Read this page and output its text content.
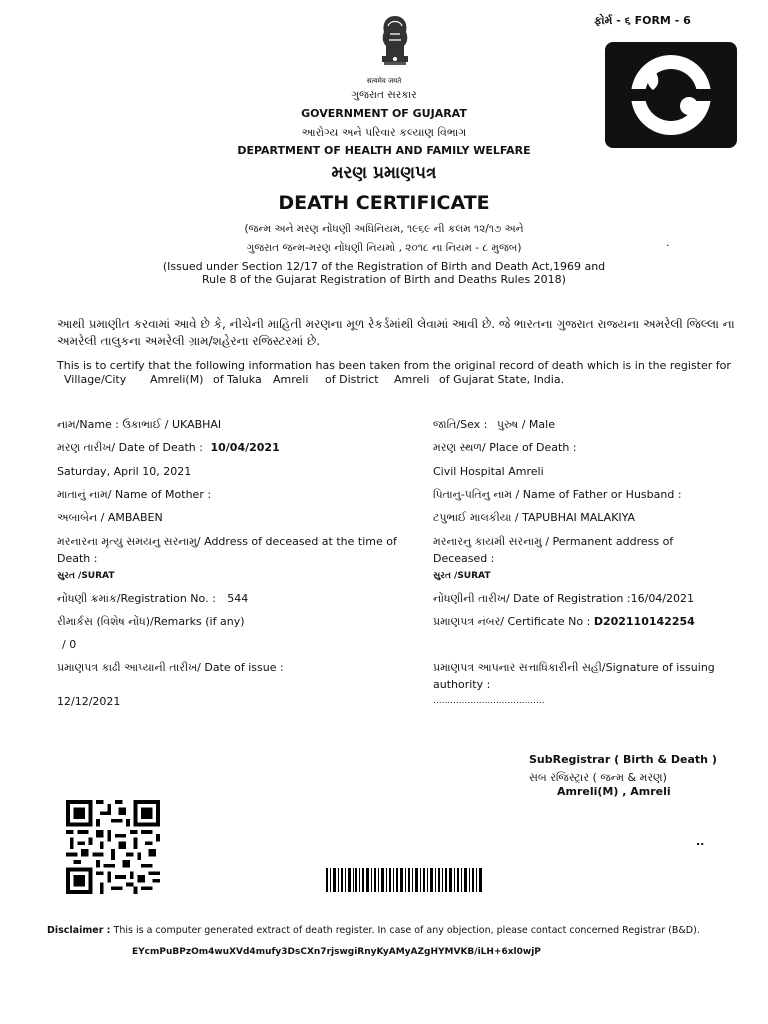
ફોર્મ - ૬ FORM - 6
सत्यमेव जयते
ગુજરાત સરકાર
GOVERNMENT OF GUJARAT
આરોગ્ય અને પરિવાર કલ્યાણ વિભાગ
DEPARTMENT OF HEALTH AND FAMILY WELFARE
મરણ પ્રમાણપત્ર
DEATH CERTIFICATE
(જન્મ અને મરણ નોંધણી અધિનિયમ, ૧૯૬૯ ની કલમ ૧૨/૧૭ અને
ગુજરાત જન્મ-મરણ નોંધણી નિયમો , ૨૦૧૮ ના નિયમ - ૮ મુજબ)	.
(Issued under Section 12/17 of the Registration of Birth and Death Act,1969 and
Rule 8 of the Gujarat Registration of Birth and Deaths Rules 2018)
આથી પ્રમાણીત કરવામાં આવે છે કે, નીચેની માહિતી મરણના મૂળ રેકર્ડમાંથી લેવામાં આવી છે. જે ભારતના ગુજરાત રાજ્યના અમરેલી જિલ્લા ના
અમરેલી તાલુકના અમરેલી ગ્રામ/શહેરના રજિસ્ટરમાં છે.
This is to certify that the following information has been taken from the original record of death which is in the register for
Village/City Amreli(M) of Taluka Amreli of District Amreli of Gujarat State, India.
નામ/Name : ઉકાભાઈ / UKABHAI
મરણ તારીખ/ Date of Death : 10/04/2021
Saturday, April 10, 2021
માતાનું નામ/ Name of Mother :
અબાબેન / AMBABEN
મરનારના મૃત્યુ સમયનુ સરનામુ/ Address of deceased at the time of
Death :
સુરત /SURAT
નોંધણી ક્રમાંક/Registration No. : 544
રીમાર્કસ (વિશેષ નોંધ)/Remarks (if any)
/ 0
પ્રમાણપત્ર કાઢી આપ્યાની તારીખ/ Date of issue :
12/12/2021
જાતિ/Sex : પુરુષ / Male
મરણ સ્થળ/ Place of Death :
Civil Hospital Amreli
પિતાનુ-પતિનુ નામ / Name of Father or Husband :
ટપુભાઈ માલકીયા / TAPUBHAI MALAKIYA
મરનારનુ કાયમી સરનામુ / Permanent address of
Deceased :
સુરત /SURAT
નોંધણીની તારીખ/ Date of Registration :16/04/2021
પ્રમાણપત્ર નંબર/ Certificate No : D202110142254
પ્રમાણપત્ર આપનાર સત્તાધિકારીની સહી/Signature of issuing
authority :
.......................................
SubRegistrar ( Birth & Death )
સબ રજિસ્ટ્રાર ( જન્મ & મરણ)
Amreli(M) , Amreli
..
Disclaimer : This is a computer generated extract of death register. In case of any objection, please contact concerned Registrar (B&D).
EYcmPuBPzOm4wuXVd4mufy3DsCXn7rjswgiRnyKyAMyAZgHYMVKB/iLH+6xl0wjP
